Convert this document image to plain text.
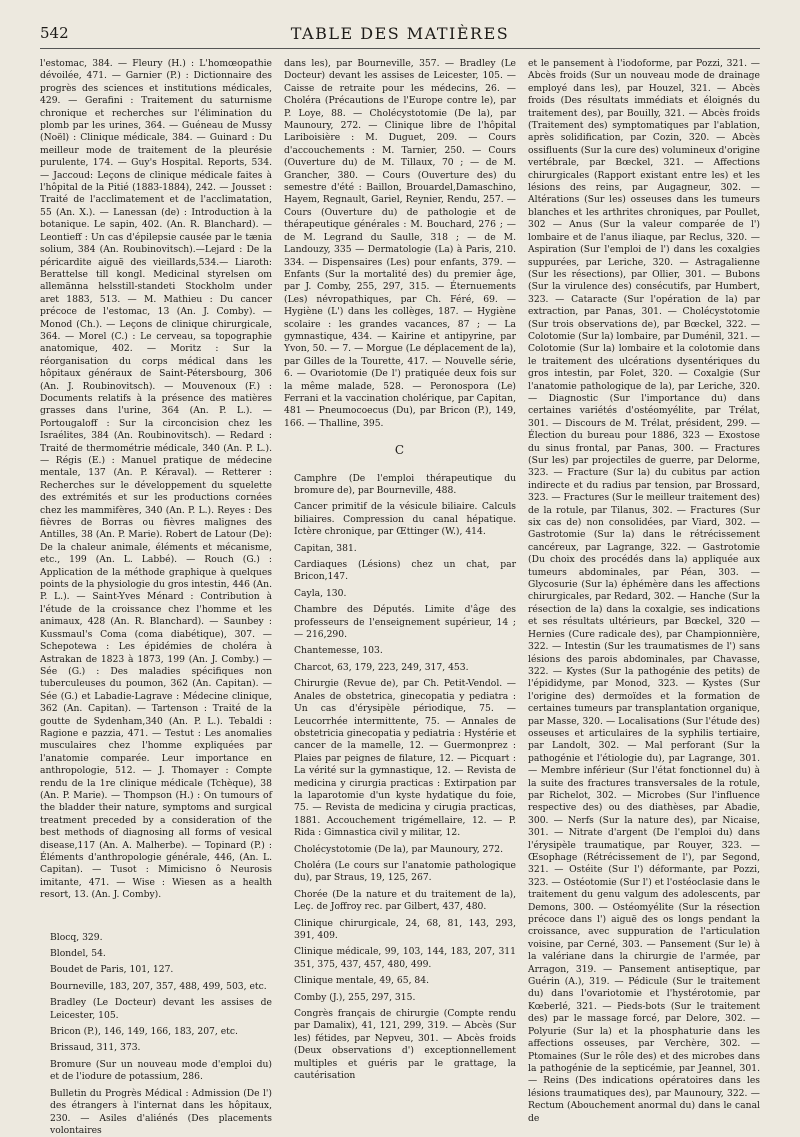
542	TABLE DES MATIÈRES

l'estomac, 384. — Fleury (H.) : L'homœopathie dévoilée, 471. — Garnier (P.) : Dictionnaire des progrès des sciences et institutions médicales, 429. — Gerafini : Traitement du saturnisme chronique et recherches sur l'élimination du plomb par les urines, 364. — Guéneau de Mussy (Noël) : Clinique médicale, 384. — Guinard : Du meilleur mode de traitement de la pleurésie purulente, 174. — Guy's Hospital. Reports, 534. — Jaccoud: Leçons de clinique médicale faites à l'hôpital de la Pitié (1883-1884), 242. — Jousset : Traité de l'acclimatement et de l'acclimatation, 55 (An. X.). — Lanessan (de) : Introduction à la botanique. Le sapin, 402. (An. R. Blanchard). — Leontieff : Un cas d'épilepsie causée par le tænia solium, 384 (An. Roubinovitsch).—Lejard : De la péricardite aiguë des vieillards,534.— Liaroth: Berattelse till kongl. Medicinal styrelsen om allemänna helsstill-standeti Stockholm under aret 1883, 513. — M. Mathieu : Du cancer précoce de l'estomac, 13 (An. J. Comby). — Monod (Ch.). — Leçons de clinique chirurgicale, 364. — Morel (C.) : Le cerveau, sa topographie anatomique, 402. — Moritz : Sur la réorganisation du corps médical dans les hôpitaux généraux de Saint-Pétersbourg, 306 (An. J. Roubinovitsch). — Mouvenoux (F.) : Documents relatifs à la présence des matières grasses dans l'urine, 364 (An. P. L.). — Portougaloff : Sur la circoncision chez les Israélites, 384 (An. Roubinovitsch). — Redard : Traité de thermométrie médicale, 340 (An. P. L.). — Régis (E.) : Manuel pratique de médecine mentale, 137 (An. P. Kéraval). — Retterer : Recherches sur le développement du squelette des extrémités et sur les productions cornées chez les mammifères, 340 (An. P. L.). Reyes : Des fièvres de Borras ou fièvres malignes des Antilles, 38 (An. P. Marie). Robert de Latour (De): De la chaleur animale, éléments et mécanisme, etc., 199 (An. L. Labbé). — Rouch (G.) : Application de la méthode graphique à quelques points de la physiologie du gros intestin, 446 (An. P. L.). — Saint-Yves Ménard : Contribution à l'étude de la croissance chez l'homme et les animaux, 428 (An. R. Blanchard). — Saunbey : Kussmaul's Coma (coma diabétique), 307. — Schepotewa : Les épidémies de choléra à Astrakan de 1823 à 1873, 199 (An. J. Comby.) — Sée (G.) : Des maladies spécifiques non tuberculeuses du poumon, 362 (An. Capitan). — Sée (G.) et Labadie-Lagrave : Médecine clinique, 362 (An. Capitan). — Tartenson : Traité de la goutte de Sydenham,340 (An. P. L.). Tebaldi : Ragione e pazzia, 471. — Testut : Les anomalies musculaires chez l'homme expliquées par l'anatomie comparée. Leur importance en anthropologie, 512. — J. Thomayer : Compte rendu de la 1re clinique médicale (Tchèque), 38 (An. P. Marie). — Thompson (H.) : On tumours of the bladder their nature, symptoms and surgical treatment preceded by a consideration of the best methods of diagnosing all forms of vesical disease,117 (An. A. Malherbe). — Topinard (P.) : Éléments d'anthropologie générale, 446, (An. L. Capitan). — Tusot : Mimicisno ô Neurosis imitante, 471. — Wise : Wiesen as a health resort, 13. (An. J. Comby).

Blocq, 329.

Blondel, 54.

Boudet de Paris, 101, 127.

Bourneville, 183, 207, 357, 488, 499, 503, etc.

Bradley (Le Docteur) devant les assises de Leicester, 105.

Bricon (P.), 146, 149, 166, 183, 207, etc.

Brissaud, 311, 373.

Bromure (Sur un nouveau mode d'emploi du) et de l'iodure de potassium, 286.

Bulletin du Progrès Médical : Admission (De l') des étrangers à l'internat dans les hôpitaux, 230. — Asiles d'aliénés (Des placements volontaires

dans les), par Bourneville, 357. — Bradley (Le Docteur) devant les assises de Leicester, 105. — Caisse de retraite pour les médecins, 26. — Choléra (Précautions de l'Europe contre le), par P. Loye, 88. — Cholécystotomie (De la), par Maunoury, 272. — Clinique libre de l'hôpital Lariboisière : M. Duguet, 209. — Cours d'accouchements : M. Tarnier, 250. — Cours (Ouverture du) de M. Tillaux, 70 ; — de M. Grancher, 380. — Cours (Ouverture des) du semestre d'été : Baillon, Brouardel,Damaschino, Hayem, Regnault, Gariel, Reynier, Rendu, 257. — Cours (Ouverture du) de pathologie et de thérapeutique générales : M. Bouchard, 276 ; — de M. Legrand du Saulle, 318 ; — de M. Landouzy, 335 — Dermatologie (La) à Paris, 210. 334. — Dispensaires (Les) pour enfants, 379. — Enfants (Sur la mortalité des) du premier âge, par J. Comby, 255, 297, 315. — Éternuements (Les) névropathiques, par Ch. Féré, 69. — Hygiène (L') dans les collèges, 187. — Hygiène scolaire : les grandes vacances, 87 ; — La gymnastique, 434. — Kairine et antipyrine, par Yvon, 50. — 7. — Morgue (Le déplacement de la), par Gilles de la Tourette, 417. — Nouvelle série, 6. — Ovariotomie (De l') pratiquée deux fois sur la même malade, 528. — Peronospora (Le) Ferrani et la vaccination cholérique, par Capitan, 481 — Pneumocoecus (Du), par Bricon (P.), 149, 166. — Thalline, 395.

C

Camphre (De l'emploi thérapeutique du bromure de), par Bourneville, 488.

Cancer primitif de la vésicule biliaire. Calculs biliaires. Compression du canal hépatique. Ictère chronique, par Œttinger (W.), 414.

Capitan, 381.

Cardiaques (Lésions) chez un chat, par Bricon,147.

Cayla, 130.

Chambre des Députés. Limite d'âge des professeurs de l'enseignement supérieur, 14 ; — 216,290.

Chantemesse, 103.

Charcot, 63, 179, 223, 249, 317, 453.

Chirurgie (Revue de), par Ch. Petit-Vendol. — Anales de obstetrica, ginecopatia y pediatra : Un cas d'érysipèle périodique, 75. — Leucorrhée intermittente, 75. — Annales de obstetricia ginecopatia y pediatria : Hystérie et cancer de la mamelle, 12. — Guermonprez : Plaies par peignes de filature, 12. — Picquart : La vérité sur la gymnastique, 12. — Revista de medicina y cirurgia practicas : Extirpation par la laparotomie d'un kyste hydatique du foie, 75. — Revista de medicina y cirugia practicas, 1881. Accouchement trigémellaire, 12. — P. Rida : Gimnastica civil y militar, 12.

Cholécystotomie (De la), par Maunoury, 272.

Choléra (Le cours sur l'anatomie pathologique du), par Straus, 19, 125, 267.

Chorée (De la nature et du traitement de la), Leç. de Joffroy rec. par Gilbert, 437, 480.

Clinique chirurgicale, 24, 68, 81, 143, 293, 391, 409.

Clinique médicale, 99, 103, 144, 183, 207, 311 351, 375, 437, 457, 480, 499.

Clinique mentale, 49, 65, 84.

Comby (J.), 255, 297, 315.

Congrès français de chirurgie (Compte rendu par Damalix), 41, 121, 299, 319. — Abcès (Sur les) fétides, par Nepveu, 301. — Abcès froids (Deux observations d') exceptionnellement multiples et guéris par le grattage, la cautérisation

et le pansement à l'iodoforme, par Pozzi, 321. — Abcès froids (Sur un nouveau mode de drainage employé dans les), par Houzel, 321. — Abcès froids (Des résultats immédiats et éloignés du traitement des), par Bouilly, 321. — Abcès froids (Traitement des) symptomatiques par l'ablation, après solidification, par Cozin, 320. — Abcès ossifluents (Sur la cure des) volumineux d'origine vertébrale, par Bœckel, 321. — Affections chirurgicales (Rapport existant entre les) et les lésions des reins, par Augagneur, 302. — Altérations (Sur les) osseuses dans les tumeurs blanches et les arthrites chroniques, par Poullet, 302 — Anus (Sur la valeur comparée de l') lombaire et de l'anus iliaque, par Reclus, 320. — Aspiration (Sur l'emploi de l') dans les coxalgies suppurées, par Leriche, 320. — Astragalienne (Sur les résections), par Ollier, 301. — Bubons (Sur la virulence des) consécutifs, par Humbert, 323. — Cataracte (Sur l'opération de la) par extraction, par Panas, 301. — Cholécystotomie (Sur trois observations de), par Bœckel, 322. — Colotomie (Sur la) lombaire, par Duménil, 321. — Colotomie (Sur la) lombaire et la colotomie dans le traitement des ulcérations dysentériques du gros intestin, par Folet, 320. — Coxalgie (Sur l'anatomie pathologique de la), par Leriche, 320. — Diagnostic (Sur l'importance du) dans certaines variétés d'ostéomyélite, par Trélat, 301. — Discours de M. Trélat, président, 299. — Élection du bureau pour 1886, 323 — Exostose du sinus frontal, par Panas, 300. — Fractures (Sur les) par projectiles de guerre, par Delorme, 323. — Fracture (Sur la) du cubitus par action indirecte et du radius par tension, par Brossard, 323. — Fractures (Sur le meilleur traitement des) de la rotule, par Tilanus, 302. — Fractures (Sur six cas de) non consolidées, par Viard, 302. — Gastrotomie (Sur la) dans le rétrécissement cancéreux, par Lagrange, 322. — Gastrotomie (Du choix des procédés dans la) appliquée aux tumeurs abdominales, par Péan, 303. — Glycosurie (Sur la) éphémère dans les affections chirurgicales, par Redard, 302. — Hanche (Sur la résection de la) dans la coxalgie, ses indications et ses résultats ultérieurs, par Bœckel, 320 — Hernies (Cure radicale des), par Championnière, 322. — Intestin (Sur les traumatismes de l') sans lésions des parois abdominales, par Chavasse, 322. — Kystes (Sur la pathogénie des petits) de l'épididyme, par Monod, 323. — Kystes (Sur l'origine des) dermoïdes et la formation de certaines tumeurs par transplantation organique, par Masse, 320. — Localisations (Sur l'étude des) osseuses et articulaires de la syphilis tertiaire, par Landolt, 302. — Mal perforant (Sur la pathogénie et l'étiologie du), par Lagrange, 301. — Membre inférieur (Sur l'état fonctionnel du) à la suite des fractures transversales de la rotule, par Richelot, 302. — Microbes (Sur l'influence respective des) ou des diathèses, par Abadie, 300. — Nerfs (Sur la nature des), par Nicaise, 301. — Nitrate d'argent (De l'emploi du) dans l'érysipèle traumatique, par Rouyer, 323. — Œsophage (Rétrécissement de l'), par Segond, 321. — Ostéite (Sur l') déformante, par Pozzi, 323. — Ostéotomie (Sur l') et l'ostéoclasie dans le traitement du genu valgum des adolescents, par Demons, 300. — Ostéomyélite (Sur la résection précoce dans l') aiguë des os longs pendant la croissance, avec suppuration de l'articulation voisine, par Cerné, 303. — Pansement (Sur le) à la valériane dans la chirurgie de l'armée, par Arragon, 319. — Pansement antiseptique, par Guérin (A.), 319. — Pédicule (Sur le traitement du) dans l'ovariotomie et l'hystérotomie, par Kœberlé, 321. — Pieds-bots (Sur le traitement des) par le massage forcé, par Delore, 302. — Polyurie (Sur la) et la phosphaturie dans les affections osseuses, par Verchère, 302. — Ptomaines (Sur le rôle des) et des microbes dans la pathogénie de la septicémie, par Jeannel, 301. — Reins (Des indications opératoires dans les lésions traumatiques des), par Maunoury, 322. — Rectum (Abouchement anormal du) dans le canal de
